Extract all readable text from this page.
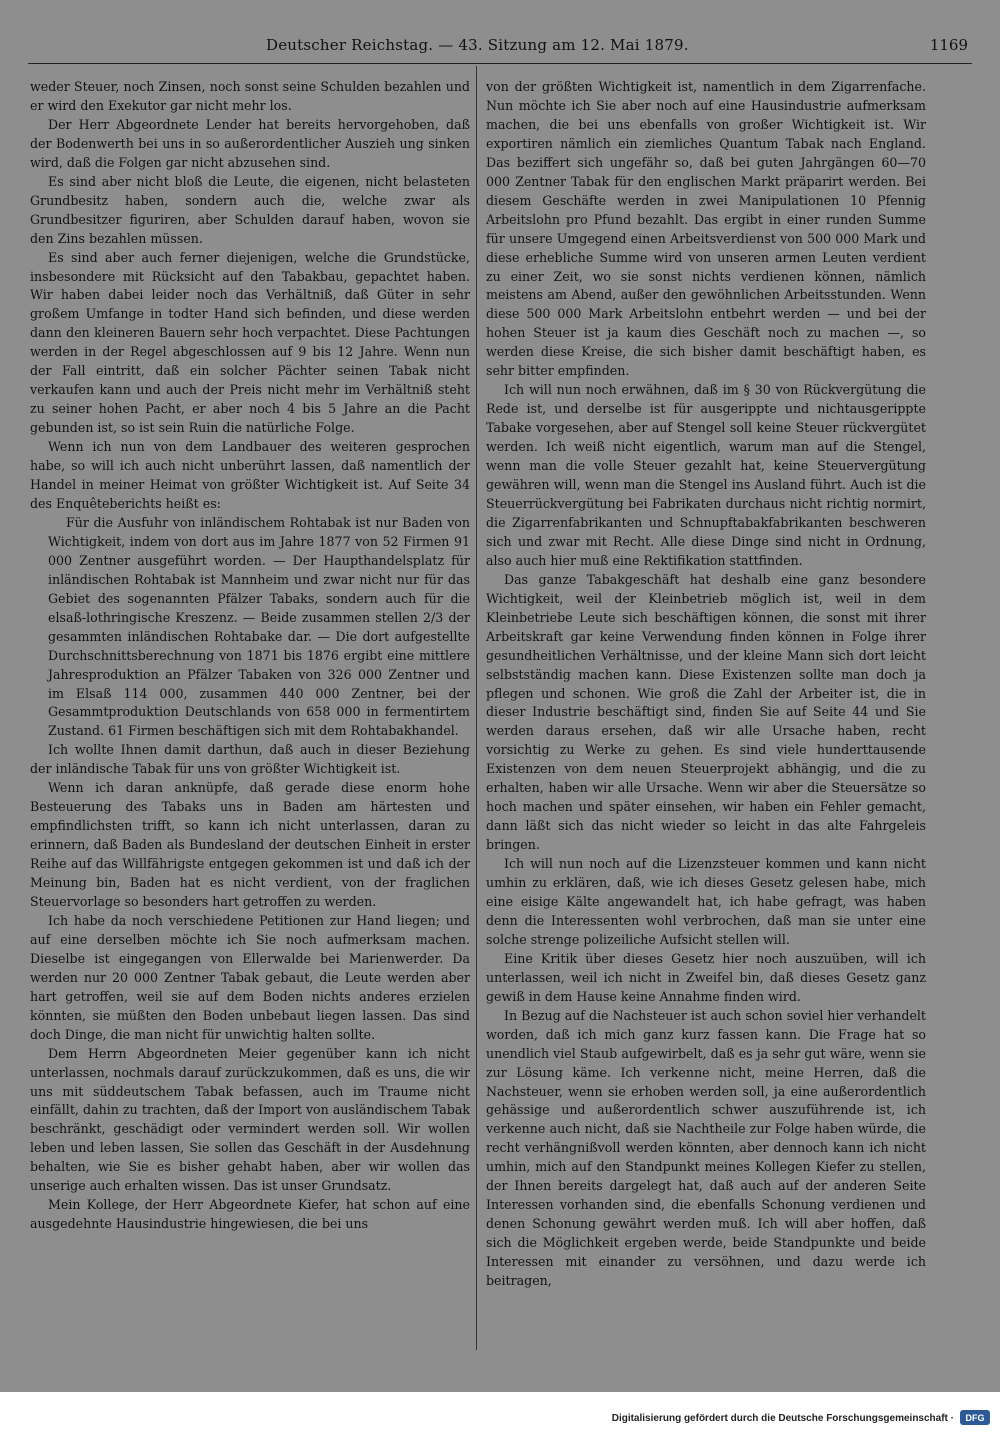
Deutscher Reichstag. — 43. Sitzung am 12. Mai 1879.	1169

weder Steuer, noch Zinsen, noch sonst seine Schulden bezahlen und er wird den Exekutor gar nicht mehr los.

Der Herr Abgeordnete Lender hat bereits hervorgehoben, daß der Bodenwerth bei uns in so außerordentlicher Auszieh ung sinken wird, daß die Folgen gar nicht abzusehen sind.

Es sind aber nicht bloß die Leute, die eigenen, nicht belasteten Grundbesitz haben, sondern auch die, welche zwar als Grundbesitzer figuriren, aber Schulden darauf haben, wovon sie den Zins bezahlen müssen.

Es sind aber auch ferner diejenigen, welche die Grundstücke, insbesondere mit Rücksicht auf den Tabakbau, gepachtet haben. Wir haben dabei leider noch das Verhältniß, daß Güter in sehr großem Umfange in todter Hand sich befinden, und diese werden dann den kleineren Bauern sehr hoch verpachtet. Diese Pachtungen werden in der Regel abgeschlossen auf 9 bis 12 Jahre. Wenn nun der Fall eintritt, daß ein solcher Pächter seinen Tabak nicht verkaufen kann und auch der Preis nicht mehr im Verhältniß steht zu seiner hohen Pacht, er aber noch 4 bis 5 Jahre an die Pacht gebunden ist, so ist sein Ruin die natürliche Folge.

Wenn ich nun von dem Landbauer des weiteren gesprochen habe, so will ich auch nicht unberührt lassen, daß namentlich der Handel in meiner Heimat von größter Wichtigkeit ist. Auf Seite 34 des Enquêteberichts heißt es:

Für die Ausfuhr von inländischem Rohtabak ist nur Baden von Wichtigkeit, indem von dort aus im Jahre 1877 von 52 Firmen 91 000 Zentner ausgeführt worden. — Der Haupthandelsplatz für inländischen Rohtabak ist Mannheim und zwar nicht nur für das Gebiet des sogenannten Pfälzer Tabaks, sondern auch für die elsaß-lothringische Kreszenz. — Beide zusammen stellen 2/3 der gesammten inländischen Rohtabake dar. — Die dort aufgestellte Durchschnittsberechnung von 1871 bis 1876 ergibt eine mittlere Jahresproduktion an Pfälzer Tabaken von 326 000 Zentner und im Elsaß 114 000, zusammen 440 000 Zentner, bei der Gesammtproduktion Deutschlands von 658 000 in fermentirtem Zustand. 61 Firmen beschäftigen sich mit dem Rohtabakhandel.

Ich wollte Ihnen damit darthun, daß auch in dieser Beziehung der inländische Tabak für uns von größter Wichtigkeit ist.

Wenn ich daran anknüpfe, daß gerade diese enorm hohe Besteuerung des Tabaks uns in Baden am härtesten und empfindlichsten trifft, so kann ich nicht unterlassen, daran zu erinnern, daß Baden als Bundesland der deutschen Einheit in erster Reihe auf das Willfährigste entgegen gekommen ist und daß ich der Meinung bin, Baden hat es nicht verdient, von der fraglichen Steuervorlage so besonders hart getroffen zu werden.

Ich habe da noch verschiedene Petitionen zur Hand liegen; und auf eine derselben möchte ich Sie noch aufmerksam machen. Dieselbe ist eingegangen von Ellerwalde bei Marienwerder. Da werden nur 20 000 Zentner Tabak gebaut, die Leute werden aber hart getroffen, weil sie auf dem Boden nichts anderes erzielen könnten, sie müßten den Boden unbebaut liegen lassen. Das sind doch Dinge, die man nicht für unwichtig halten sollte.

Dem Herrn Abgeordneten Meier gegenüber kann ich nicht unterlassen, nochmals darauf zurückzukommen, daß es uns, die wir uns mit süddeutschem Tabak befassen, auch im Traume nicht einfällt, dahin zu trachten, daß der Import von ausländischem Tabak beschränkt, geschädigt oder vermindert werden soll. Wir wollen leben und leben lassen, Sie sollen das Geschäft in der Ausdehnung behalten, wie Sie es bisher gehabt haben, aber wir wollen das unserige auch erhalten wissen. Das ist unser Grundsatz.

Mein Kollege, der Herr Abgeordnete Kiefer, hat schon auf eine ausgedehnte Hausindustrie hingewiesen, die bei uns

von der größten Wichtigkeit ist, namentlich in dem Zigarrenfache. Nun möchte ich Sie aber noch auf eine Hausindustrie aufmerksam machen, die bei uns ebenfalls von großer Wichtigkeit ist. Wir exportiren nämlich ein ziemliches Quantum Tabak nach England. Das beziffert sich ungefähr so, daß bei guten Jahrgängen 60—70 000 Zentner Tabak für den englischen Markt präparirt werden. Bei diesem Geschäfte werden in zwei Manipulationen 10 Pfennig Arbeitslohn pro Pfund bezahlt. Das ergibt in einer runden Summe für unsere Umgegend einen Arbeitsverdienst von 500 000 Mark und diese erhebliche Summe wird von unseren armen Leuten verdient zu einer Zeit, wo sie sonst nichts verdienen können, nämlich meistens am Abend, außer den gewöhnlichen Arbeitsstunden. Wenn diese 500 000 Mark Arbeitslohn entbehrt werden — und bei der hohen Steuer ist ja kaum dies Geschäft noch zu machen —, so werden diese Kreise, die sich bisher damit beschäftigt haben, es sehr bitter empfinden.

Ich will nun noch erwähnen, daß im § 30 von Rückvergütung die Rede ist, und derselbe ist für ausgerippte und nichtausgerippte Tabake vorgesehen, aber auf Stengel soll keine Steuer rückvergütet werden. Ich weiß nicht eigentlich, warum man auf die Stengel, wenn man die volle Steuer gezahlt hat, keine Steuervergütung gewähren will, wenn man die Stengel ins Ausland führt. Auch ist die Steuerrückvergütung bei Fabrikaten durchaus nicht richtig normirt, die Zigarrenfabrikanten und Schnupftabakfabrikanten beschweren sich und zwar mit Recht. Alle diese Dinge sind nicht in Ordnung, also auch hier muß eine Rektifikation stattfinden.

Das ganze Tabakgeschäft hat deshalb eine ganz besondere Wichtigkeit, weil der Kleinbetrieb möglich ist, weil in dem Kleinbetriebe Leute sich beschäftigen können, die sonst mit ihrer Arbeitskraft gar keine Verwendung finden können in Folge ihrer gesundheitlichen Verhältnisse, und der kleine Mann sich dort leicht selbstständig machen kann. Diese Existenzen sollte man doch ja pflegen und schonen. Wie groß die Zahl der Arbeiter ist, die in dieser Industrie beschäftigt sind, finden Sie auf Seite 44 und Sie werden daraus ersehen, daß wir alle Ursache haben, recht vorsichtig zu Werke zu gehen. Es sind viele hunderttausende Existenzen von dem neuen Steuerprojekt abhängig, und die zu erhalten, haben wir alle Ursache. Wenn wir aber die Steuersätze so hoch machen und später einsehen, wir haben ein Fehler gemacht, dann läßt sich das nicht wieder so leicht in das alte Fahrgeleis bringen.

Ich will nun noch auf die Lizenzsteuer kommen und kann nicht umhin zu erklären, daß, wie ich dieses Gesetz gelesen habe, mich eine eisige Kälte angewandelt hat, ich habe gefragt, was haben denn die Interessenten wohl verbrochen, daß man sie unter eine solche strenge polizeiliche Aufsicht stellen will.

Eine Kritik über dieses Gesetz hier noch auszuüben, will ich unterlassen, weil ich nicht in Zweifel bin, daß dieses Gesetz ganz gewiß in dem Hause keine Annahme finden wird.

In Bezug auf die Nachsteuer ist auch schon soviel hier verhandelt worden, daß ich mich ganz kurz fassen kann. Die Frage hat so unendlich viel Staub aufgewirbelt, daß es ja sehr gut wäre, wenn sie zur Lösung käme. Ich verkenne nicht, meine Herren, daß die Nachsteuer, wenn sie erhoben werden soll, ja eine außerordentlich gehässige und außerordentlich schwer auszuführende ist, ich verkenne auch nicht, daß sie Nachtheile zur Folge haben würde, die recht verhängnißvoll werden könnten, aber dennoch kann ich nicht umhin, mich auf den Standpunkt meines Kollegen Kiefer zu stellen, der Ihnen bereits dargelegt hat, daß auch auf der anderen Seite Interessen vorhanden sind, die ebenfalls Schonung verdienen und denen Schonung gewährt werden muß. Ich will aber hoffen, daß sich die Möglichkeit ergeben werde, beide Standpunkte und beide Interessen mit einander zu versöhnen, und dazu werde ich beitragen,

Digitalisierung gefördert durch die Deutsche Forschungsgemeinschaft · DFG
